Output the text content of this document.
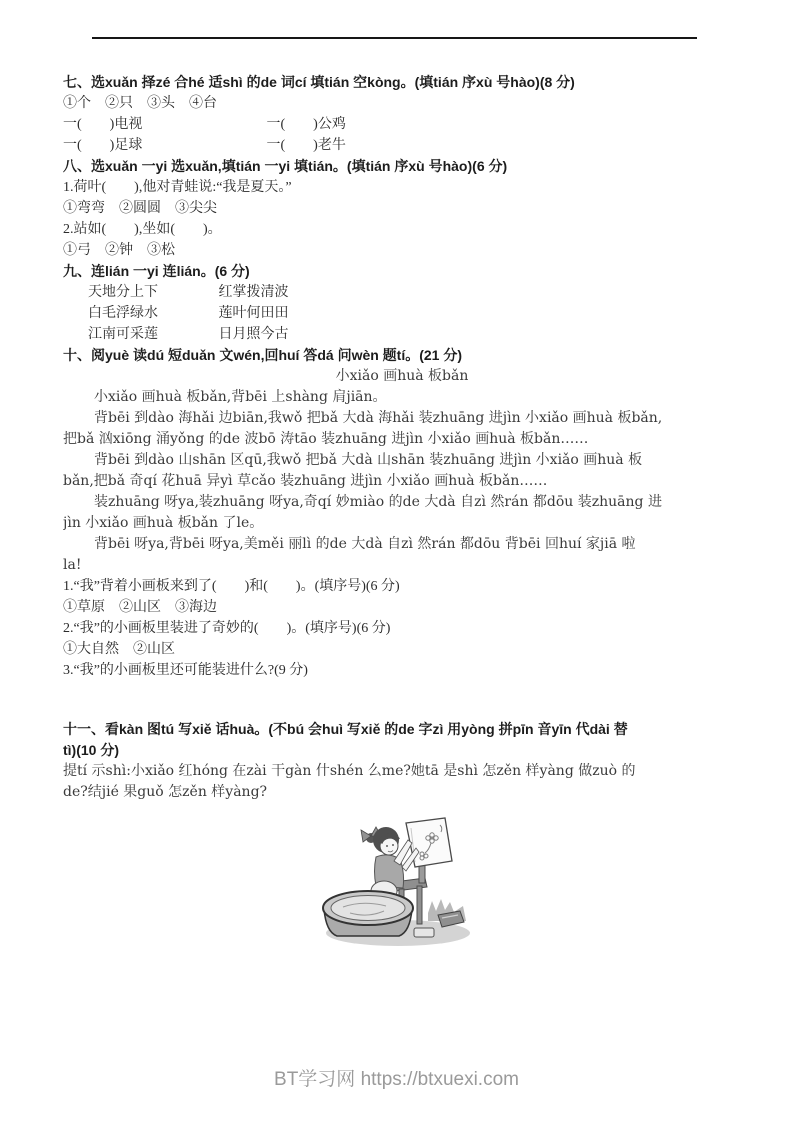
七、选xuǎn 择zé 合hé 适shì 的de 词cí 填tián 空kòng。(填tián 序xù 号hào)(8 分)
①个　②只　③头　④台
一(　　)电视	一(　　)公鸡
一(　　)足球	一(　　)老牛
八、选xuǎn 一yi 选xuǎn,填tián 一yi 填tián。(填tián 序xù 号hào)(6 分)
1.荷叶(　　),他对青蛙说:“我是夏天。”
①弯弯　②圆圆　③尖尖
2.站如(　　),坐如(　　)。
①弓　②钟　③松
九、连lián 一yi 连lián。(6 分)
天地分上下	红掌拨清波
白毛浮绿水	莲叶何田田
江南可采莲	日月照今古
十、阅yuè 读dú 短duǎn 文wén,回huí 答dá 问wèn 题tí。(21 分)
小xiǎo 画huà 板bǎn
小xiǎo 画huà 板bǎn,背bēi 上shàng 肩jiān。
背bēi 到dào 海hǎi 边biān,我wǒ 把bǎ 大dà 海hǎi 装zhuāng 进jìn 小xiǎo 画huà 板bǎn,
把bǎ 汹xiōng 涌yǒng 的de 波bō 涛tāo 装zhuāng 进jìn 小xiǎo 画huà 板bǎn……
背bēi 到dào 山shān 区qū,我wǒ 把bǎ 大dà 山shān 装zhuāng 进jìn 小xiǎo 画huà 板
bǎn,把bǎ 奇qí 花huā 异yì 草cǎo 装zhuāng 进jìn 小xiǎo 画huà 板bǎn……
装zhuāng 呀ya,装zhuāng 呀ya,奇qí 妙miào 的de 大dà 自zì 然rán 都dōu 装zhuāng 进
jìn 小xiǎo 画huà 板bǎn 了le。
背bēi 呀ya,背bēi 呀ya,美měi 丽lì 的de 大dà 自zì 然rán 都dōu 背bēi 回huí 家jiā 啦
la!
1.“我”背着小画板来到了(　　)和(　　)。(填序号)(6 分)
①草原　②山区　③海边
2.“我”的小画板里装进了奇妙的(　　)。(填序号)(6 分)
①大自然　②山区
3.“我”的小画板里还可能装进什么?(9 分)
十一、看kàn 图tú 写xiě 话huà。(不bú 会huì 写xiě 的de 字zì 用yòng 拼pīn 音yīn 代dài 替
tì)(10 分)
提tí 示shì:小xiǎo 红hóng 在zài 干gàn 什shén 么me?她tā 是shì 怎zěn 样yàng 做zuò 的
de?结jié 果guǒ 怎zěn 样yàng?
BT学习网 https://btxuexi.com
